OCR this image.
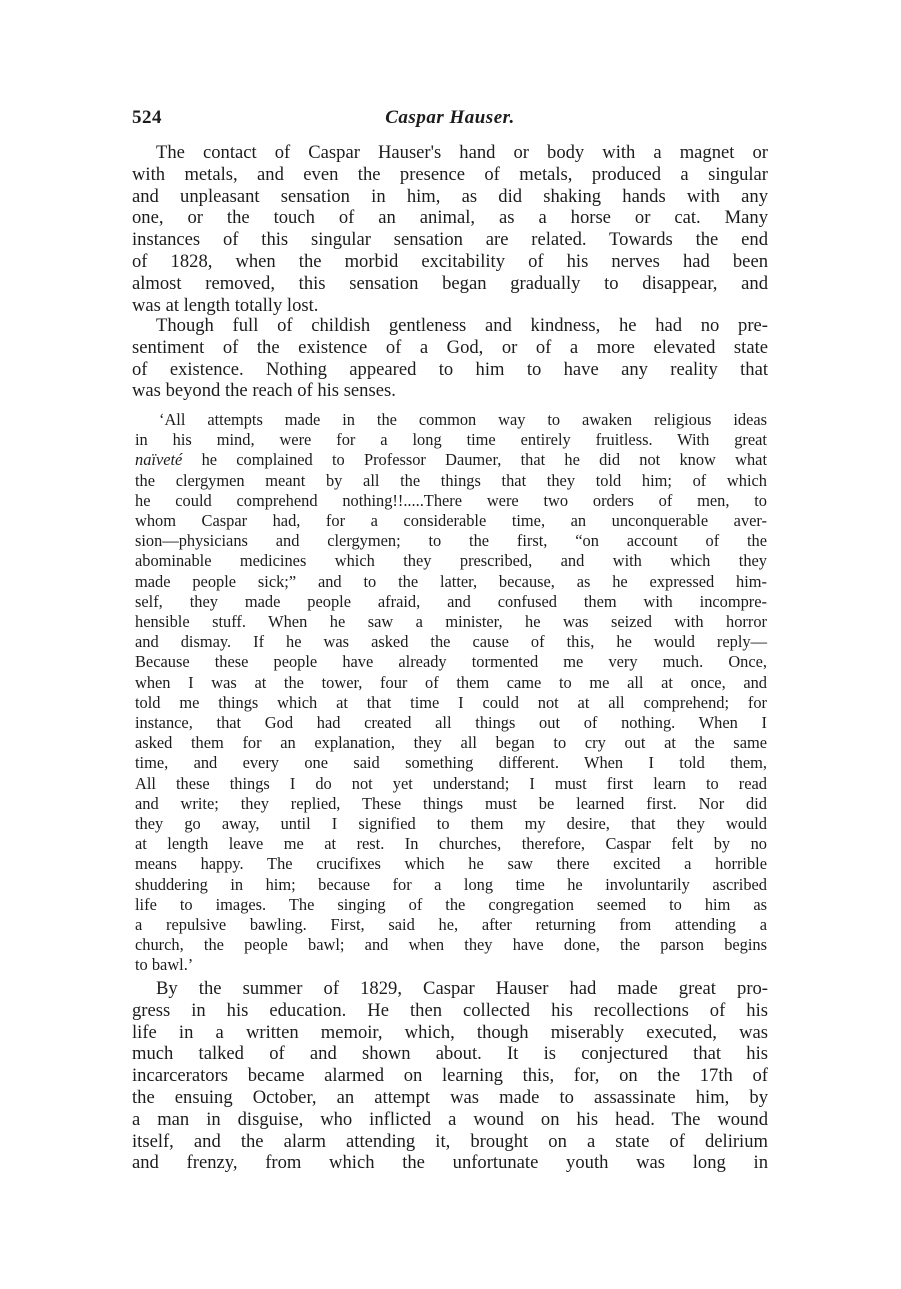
524	Caspar Hauser.
The contact of Caspar Hauser's hand or body with a magnet or
with metals, and even the presence of metals, produced a singular
and unpleasant sensation in him, as did shaking hands with any
one, or the touch of an animal, as a horse or cat. Many
instances of this singular sensation are related. Towards the end
of 1828, when the morbid excitability of his nerves had been
almost removed, this sensation began gradually to disappear, and
was at length totally lost.
Though full of childish gentleness and kindness, he had no pre-
sentiment of the existence of a God, or of a more elevated state
of existence. Nothing appeared to him to have any reality that
was beyond the reach of his senses.
‘All attempts made in the common way to awaken religious ideas
in his mind, were for a long time entirely fruitless. With great
naïveté he complained to Professor Daumer, that he did not know what
the clergymen meant by all the things that they told him; of which
he could comprehend nothing!!.....There were two orders of men, to
whom Caspar had, for a considerable time, an unconquerable aver-
sion—physicians and clergymen; to the first, “on account of the
abominable medicines which they prescribed, and with which they
made people sick;” and to the latter, because, as he expressed him-
self, they made people afraid, and confused them with incompre-
hensible stuff. When he saw a minister, he was seized with horror
and dismay. If he was asked the cause of this, he would reply—
Because these people have already tormented me very much. Once,
when I was at the tower, four of them came to me all at once, and
told me things which at that time I could not at all comprehend; for
instance, that God had created all things out of nothing. When I
asked them for an explanation, they all began to cry out at the same
time, and every one said something different. When I told them,
All these things I do not yet understand; I must first learn to read
and write; they replied, These things must be learned first. Nor did
they go away, until I signified to them my desire, that they would
at length leave me at rest. In churches, therefore, Caspar felt by no
means happy. The crucifixes which he saw there excited a horrible
shuddering in him; because for a long time he involuntarily ascribed
life to images. The singing of the congregation seemed to him as
a repulsive bawling. First, said he, after returning from attending a
church, the people bawl; and when they have done, the parson begins
to bawl.’
By the summer of 1829, Caspar Hauser had made great pro-
gress in his education. He then collected his recollections of his
life in a written memoir, which, though miserably executed, was
much talked of and shown about. It is conjectured that his
incarcerators became alarmed on learning this, for, on the 17th of
the ensuing October, an attempt was made to assassinate him, by
a man in disguise, who inflicted a wound on his head. The wound
itself, and the alarm attending it, brought on a state of delirium
and frenzy, from which the unfortunate youth was long in
